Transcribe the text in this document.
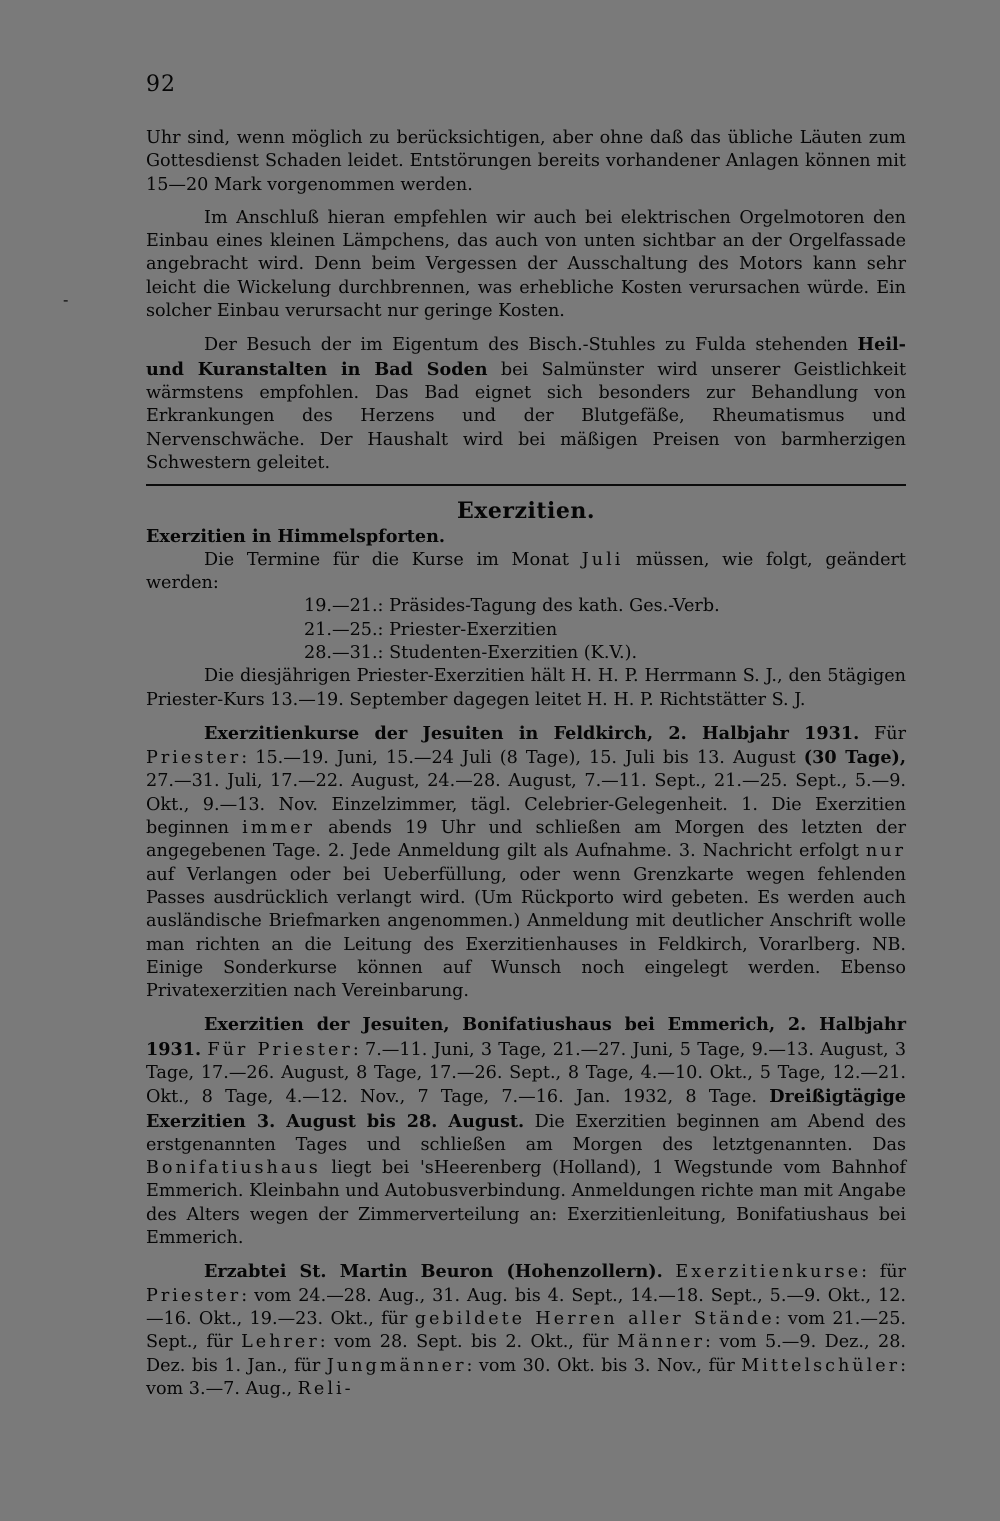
92
-

Uhr sind, wenn möglich zu berücksichtigen, aber ohne daß das übliche Läuten zum Gottesdienst Schaden leidet. Entstörungen bereits vorhandener Anlagen können mit 15—20 Mark vorgenommen werden.

Im Anschluß hieran empfehlen wir auch bei elektrischen Orgelmotoren den Einbau eines kleinen Lämpchens, das auch von unten sichtbar an der Orgelfassade angebracht wird. Denn beim Vergessen der Ausschaltung des Motors kann sehr leicht die Wickelung durchbrennen, was erhebliche Kosten verursachen würde. Ein solcher Einbau verursacht nur geringe Kosten.

Der Besuch der im Eigentum des Bisch.-Stuhles zu Fulda stehenden Heil- und Kuranstalten in Bad Soden bei Salmünster wird unserer Geistlichkeit wärmstens empfohlen. Das Bad eignet sich besonders zur Behandlung von Erkrankungen des Herzens und der Blutgefäße, Rheumatismus und Nervenschwäche. Der Haushalt wird bei mäßigen Preisen von barmherzigen Schwestern geleitet.

Exerzitien.

Exerzitien in Himmelspforten.

Die Termine für die Kurse im Monat Juli müssen, wie folgt, geändert werden:

19.—21.: Präsides-Tagung des kath. Ges.-Verb.
21.—25.: Priester-Exerzitien
28.—31.: Studenten-Exerzitien (K.V.).

Die diesjährigen Priester-Exerzitien hält H. H. P. Herrmann S. J., den 5tägigen Priester-Kurs 13.—19. September dagegen leitet H. H. P. Richtstätter S. J.

Exerzitienkurse der Jesuiten in Feldkirch, 2. Halbjahr 1931. Für Priester: 15.—19. Juni, 15.—24 Juli (8 Tage), 15. Juli bis 13. August (30 Tage), 27.—31. Juli, 17.—22. August, 24.—28. August, 7.—11. Sept., 21.—25. Sept., 5.—9. Okt., 9.—13. Nov. Einzelzimmer, tägl. Celebrier-Gelegenheit. 1. Die Exerzitien beginnen immer abends 19 Uhr und schließen am Morgen des letzten der angegebenen Tage. 2. Jede Anmeldung gilt als Aufnahme. 3. Nachricht erfolgt nur auf Verlangen oder bei Ueberfüllung, oder wenn Grenzkarte wegen fehlenden Passes ausdrücklich verlangt wird. (Um Rückporto wird gebeten. Es werden auch ausländische Briefmarken angenommen.) Anmeldung mit deutlicher Anschrift wolle man richten an die Leitung des Exerzitienhauses in Feldkirch, Vorarlberg. NB. Einige Sonderkurse können auf Wunsch noch eingelegt werden. Ebenso Privatexerzitien nach Vereinbarung.

Exerzitien der Jesuiten, Bonifatiushaus bei Emmerich, 2. Halbjahr 1931. Für Priester: 7.—11. Juni, 3 Tage, 21.—27. Juni, 5 Tage, 9.—13. August, 3 Tage, 17.—26. August, 8 Tage, 17.—26. Sept., 8 Tage, 4.—10. Okt., 5 Tage, 12.—21. Okt., 8 Tage, 4.—12. Nov., 7 Tage, 7.—16. Jan. 1932, 8 Tage. Dreißigtägige Exerzitien 3. August bis 28. August. Die Exerzitien beginnen am Abend des erstgenannten Tages und schließen am Morgen des letztgenannten. Das Bonifatiushaus liegt bei 'sHeerenberg (Holland), 1 Wegstunde vom Bahnhof Emmerich. Kleinbahn und Autobusverbindung. Anmeldungen richte man mit Angabe des Alters wegen der Zimmerverteilung an: Exerzitienleitung, Bonifatiushaus bei Emmerich.

Erzabtei St. Martin Beuron (Hohenzollern). Exerzitienkurse: für Priester: vom 24.—28. Aug., 31. Aug. bis 4. Sept., 14.—18. Sept., 5.—9. Okt., 12.—16. Okt., 19.—23. Okt., für gebildete Herren aller Stände: vom 21.—25. Sept., für Lehrer: vom 28. Sept. bis 2. Okt., für Männer: vom 5.—9. Dez., 28. Dez. bis 1. Jan., für Jungmänner: vom 30. Okt. bis 3. Nov., für Mittelschüler: vom 3.—7. Aug., Reli-
